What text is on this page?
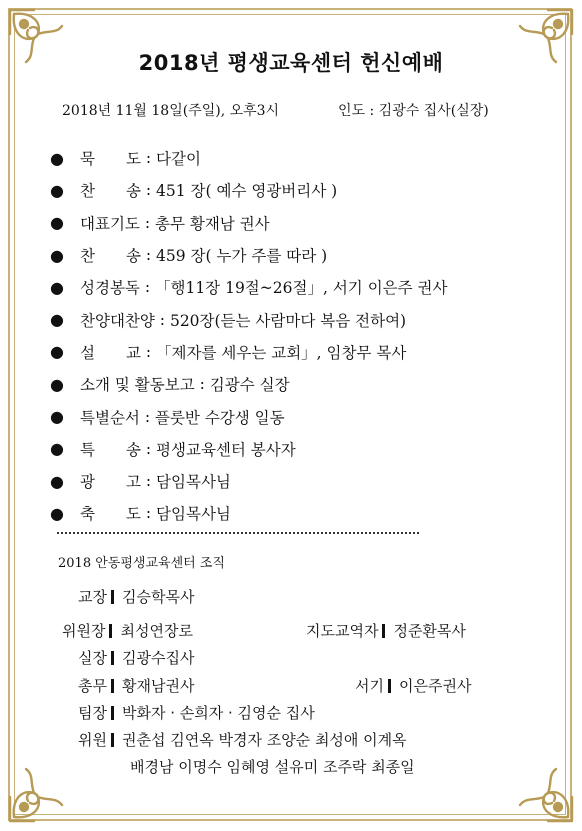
2018년 평생교육센터 헌신예배
2018년 11월 18일(주일), 오후3시	인도 : 김광수 집사(실장)
●	묵　　도 : 다같이
●	찬　　송 : 451 장( 예수 영광버리사 )
●	대표기도 : 총무 황재남 권사
●	찬　　송 : 459 장( 누가 주를 따라 )
●	성경봉독 : 「행11장 19절~26절」, 서기 이은주 권사
●	찬양대찬양 : 520장(듣는 사람마다 복음 전하여)
●	설　　교 : 「제자를 세우는 교회」, 임창무 목사
●	소개 및 활동보고 : 김광수 실장
●	특별순서 : 플룻반 수강생 일동
●	특　　송 : 평생교육센터 봉사자
●	광　　고 : 담임목사님
●	축　　도 : 담임목사님
2018 안동평생교육센터 조직
교장 김승학목사
위원장 최성연장로	지도교역자 정준환목사
실장 김광수집사
총무 황재남권사	서기 이은주권사
팀장 박화자 · 손희자 · 김영순 집사
위원 권춘섭 김연옥 박경자 조양순 최성애 이계옥
배경남 이명수 임혜영 설유미 조주락 최종일
